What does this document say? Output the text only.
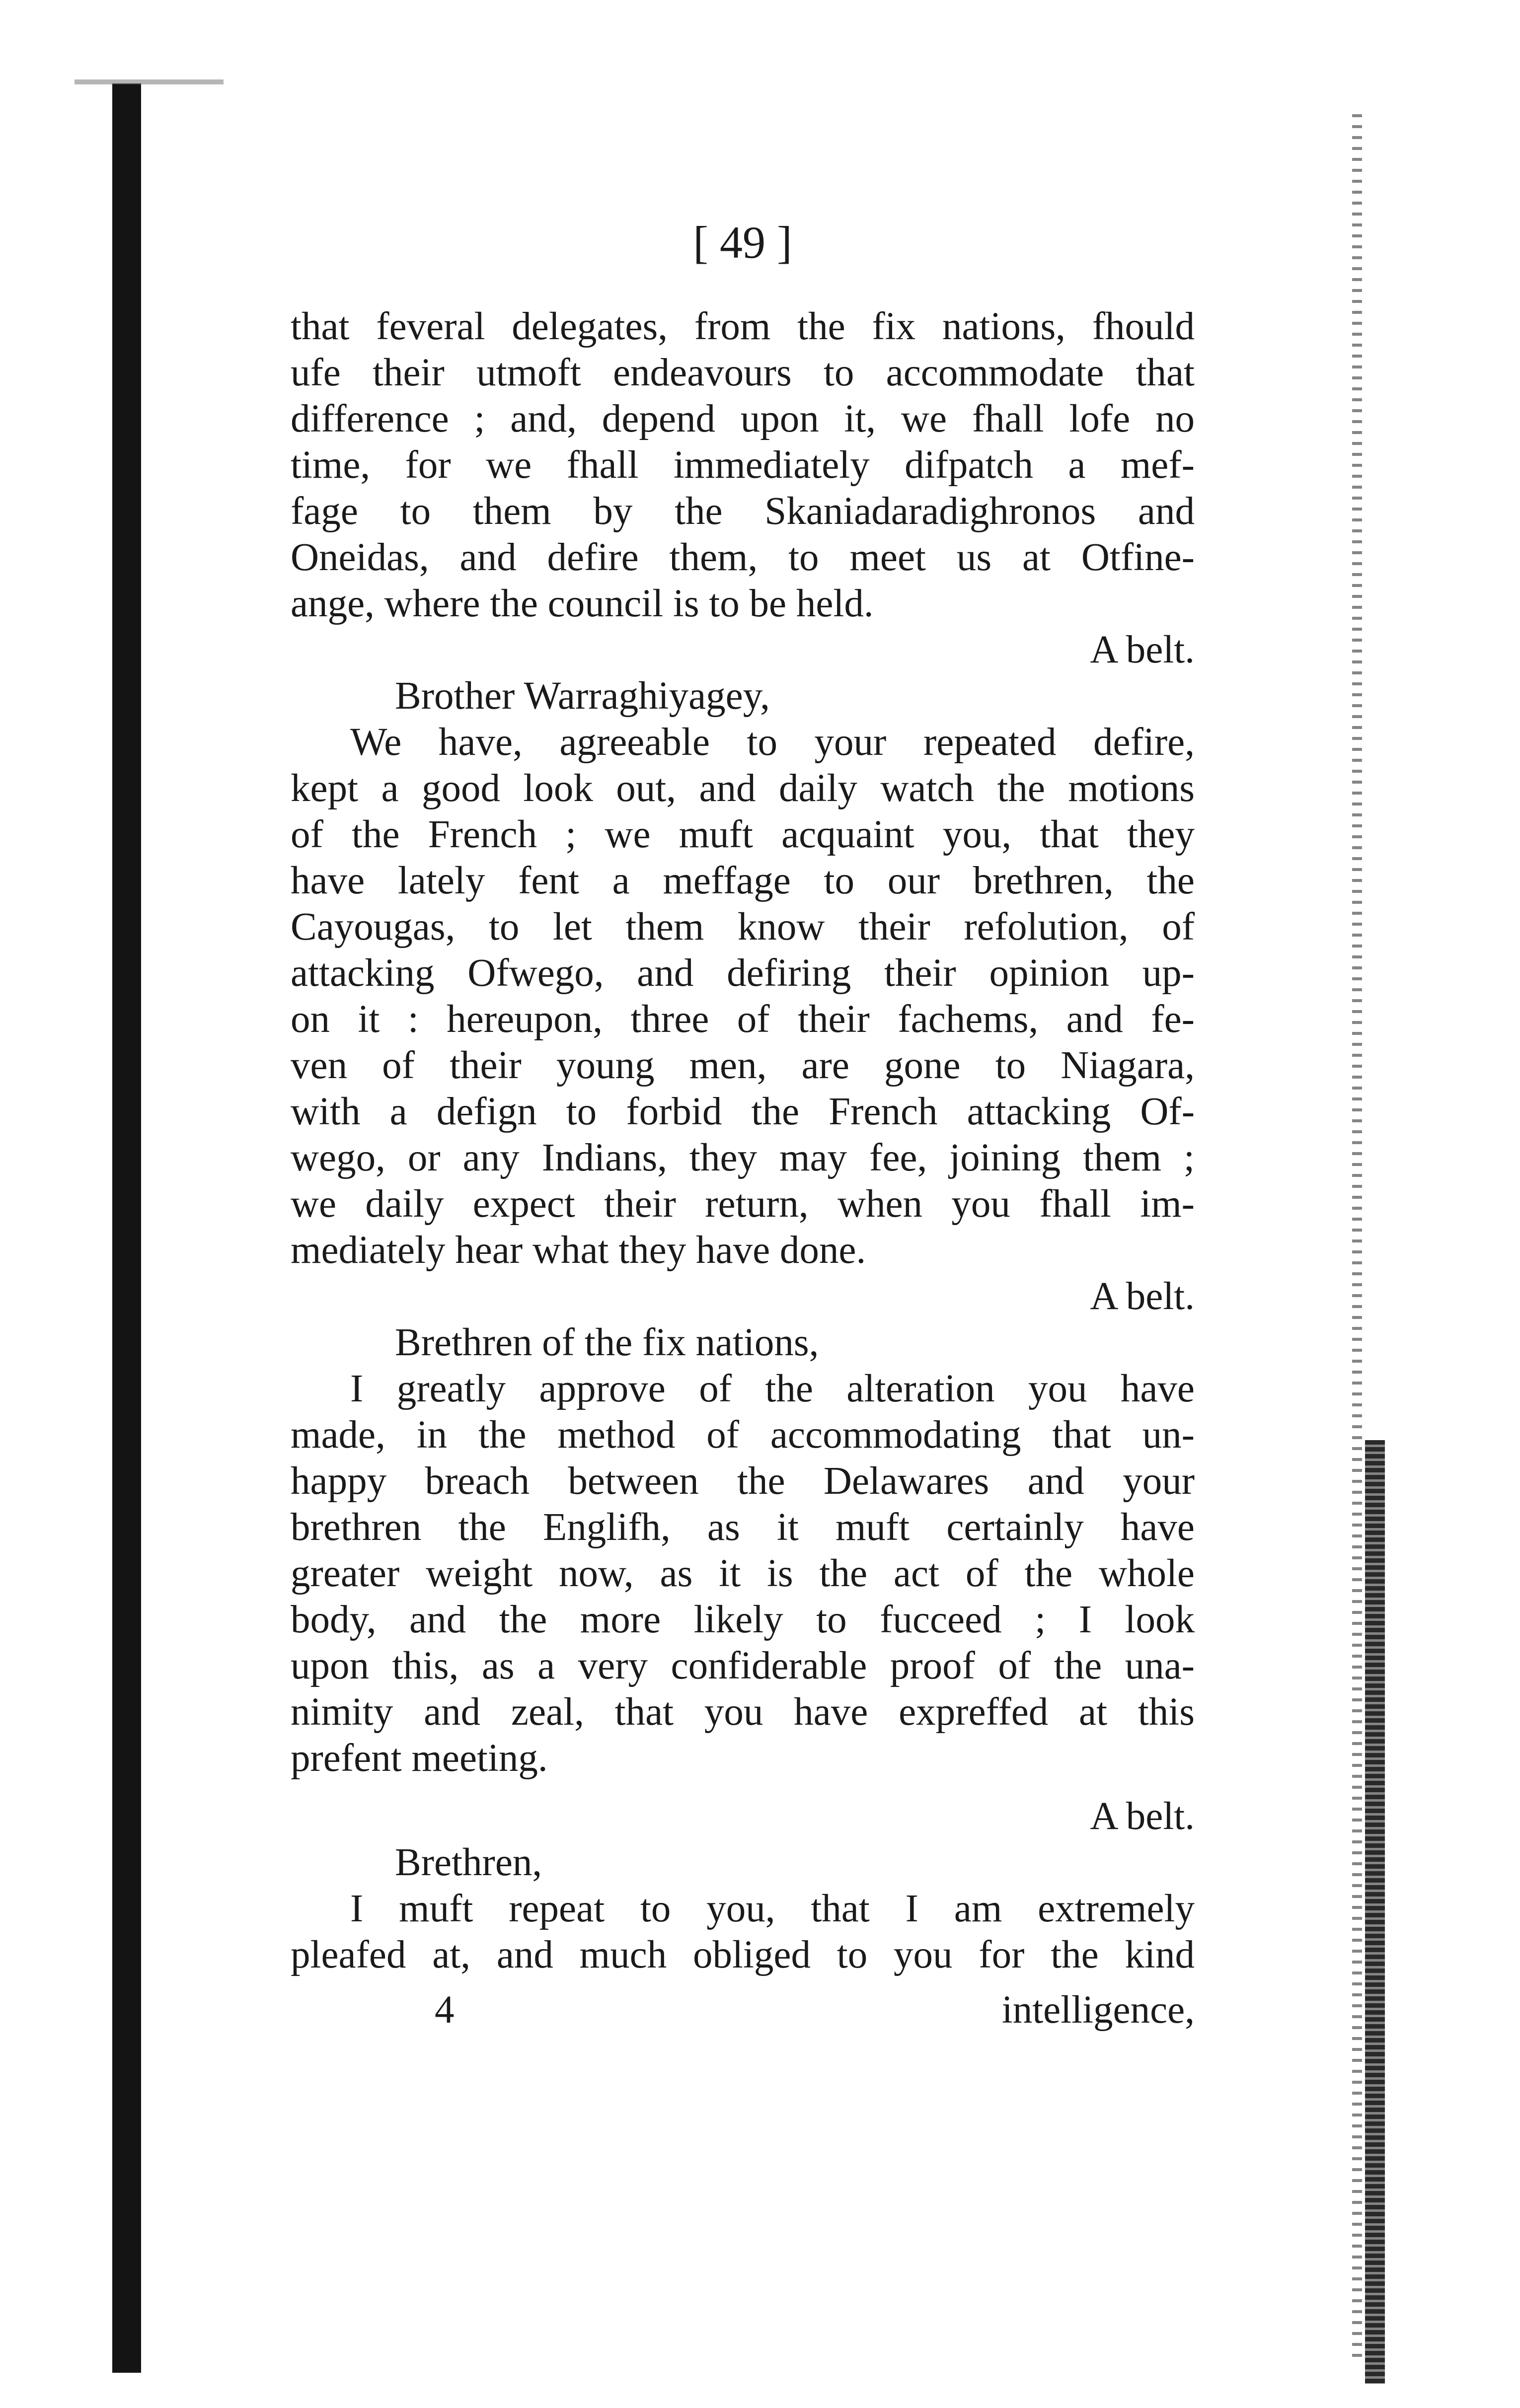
[ 49 ]
that feveral delegates, from the fix nations, fhould
ufe their utmoft endeavours to accommodate that
difference ; and, depend upon it, we fhall lofe no
time, for we fhall immediately difpatch a mef-
fage to them by the Skaniadaradighronos and
Oneidas, and defire them, to meet us at Otfine-
ange, where the council is to be held.
A belt.
Brother Warraghiyagey,
We have, agreeable to your repeated defire,
kept a good look out, and daily watch the motions
of the French ; we muft acquaint you, that they
have lately fent a meffage to our brethren, the
Cayougas, to let them know their refolution, of
attacking Ofwego, and defiring their opinion up-
on it : hereupon, three of their fachems, and fe-
ven of their young men, are gone to Niagara,
with a defign to forbid the French attacking Of-
wego, or any Indians, they may fee, joining them ;
we daily expect their return, when you fhall im-
mediately hear what they have done.
A belt.
Brethren of the fix nations,
I greatly approve of the alteration you have
made, in the method of accommodating that un-
happy breach between the Delawares and your
brethren the Englifh, as it muft certainly have
greater weight now, as it is the act of the whole
body, and the more likely to fucceed ; I look
upon this, as a very confiderable proof of the una-
nimity and zeal, that you have expreffed at this
prefent meeting.
A belt.
Brethren,
I muft repeat to you, that I am extremely
pleafed at, and much obliged to you for the kind
4	intelligence,
